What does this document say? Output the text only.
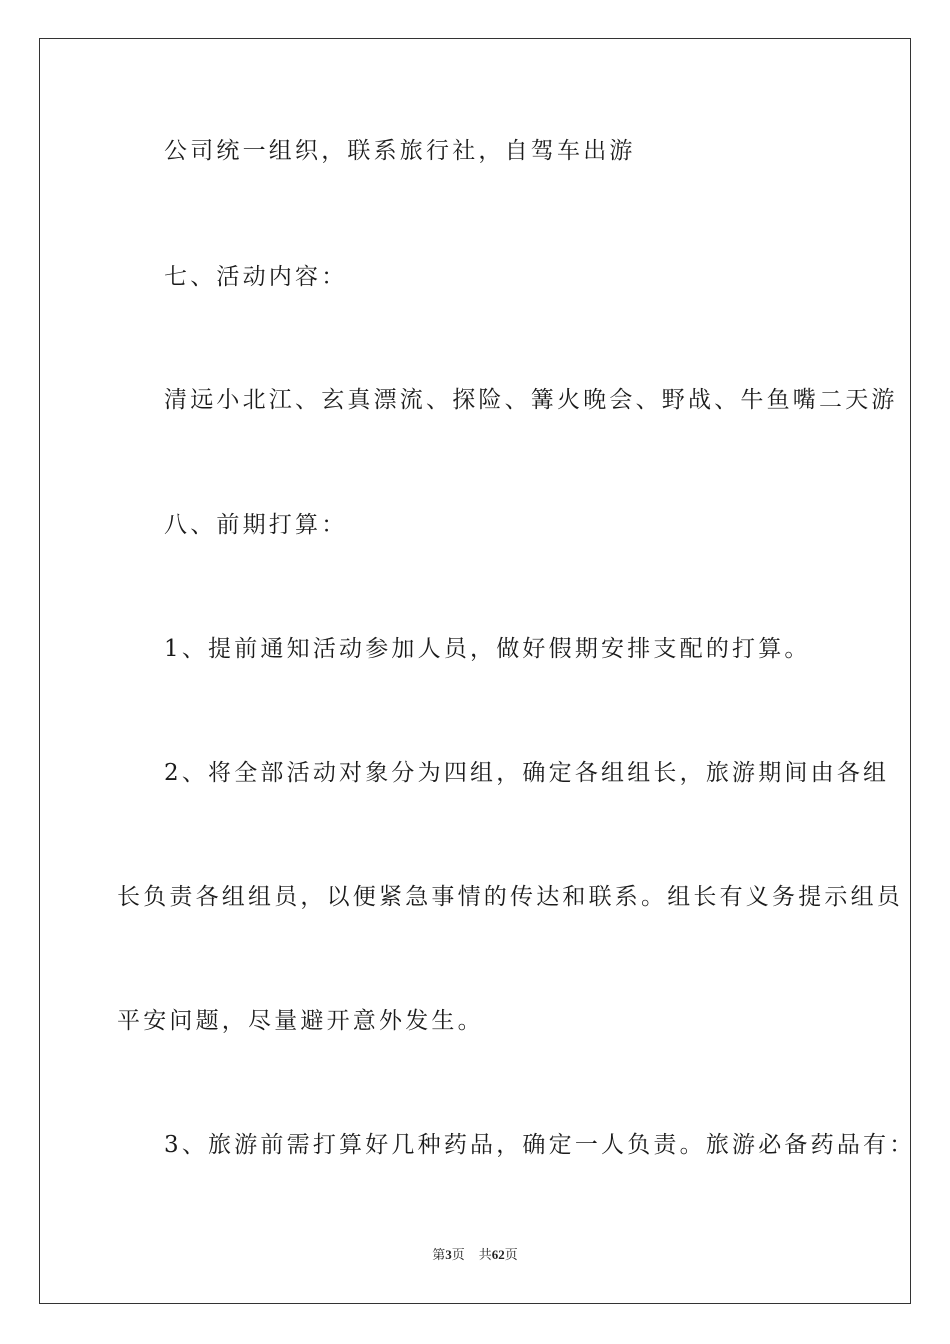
公司统一组织，联系旅行社，自驾车出游
七、活动内容：
清远小北江、玄真漂流、探险、篝火晚会、野战、牛鱼嘴二天游
八、前期打算：
1、提前通知活动参加人员，做好假期安排支配的打算。
2、将全部活动对象分为四组，确定各组组长，旅游期间由各组
长负责各组组员，以便紧急事情的传达和联系。组长有义务提示组员
平安问题，尽量避开意外发生。
3、旅游前需打算好几种药品，确定一人负责。旅游必备药品有：
第3页 共62页
